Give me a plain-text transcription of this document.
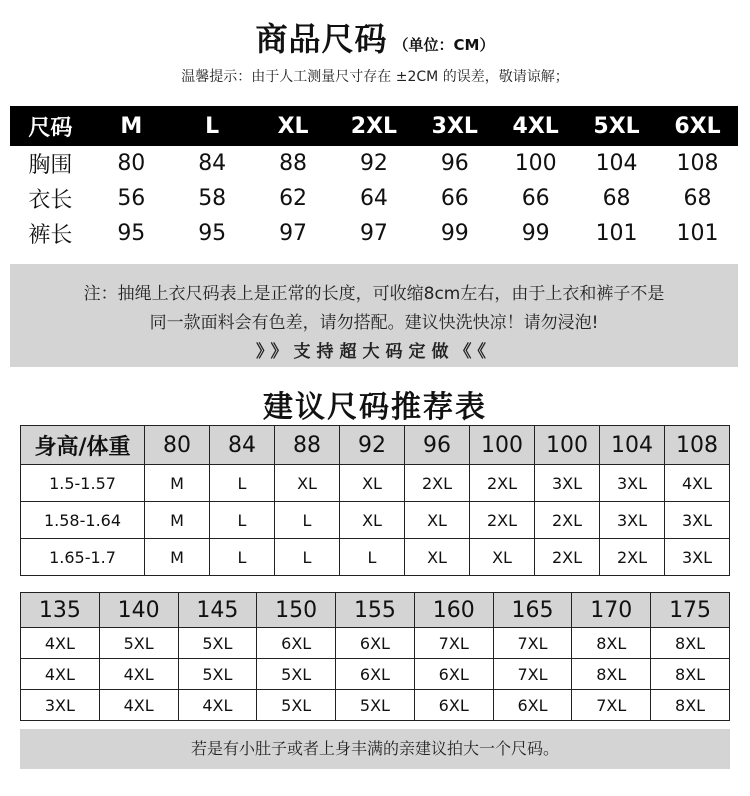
商品尺码 （单位：CM）
温馨提示：由于人工测量尺寸存在 ±2CM 的误差，敬请谅解；
尺码	M	L	XL	2XL	3XL	4XL	5XL	6XL
胸围	80	84	88	92	96	100	104	108
衣长	56	58	62	64	66	66	68	68
裤长	95	95	97	97	99	99	101	101
注：抽绳上衣尺码表上是正常的长度，可收缩8cm左右，由于上衣和裤子不是
同一款面料会有色差，请勿搭配。建议快洗快凉！请勿浸泡!
》》支持超大码定做《《
建议尺码推荐表
身高/体重	80	84	88	92	96	100	100	104	108
1.5-1.57	M	L	XL	XL	2XL	2XL	3XL	3XL	4XL
1.58-1.64	M	L	L	XL	XL	2XL	2XL	3XL	3XL
1.65-1.7	M	L	L	L	XL	XL	2XL	2XL	3XL
135	140	145	150	155	160	165	170	175
4XL	5XL	5XL	6XL	6XL	7XL	7XL	8XL	8XL
4XL	4XL	5XL	5XL	6XL	6XL	7XL	8XL	8XL
3XL	4XL	4XL	5XL	5XL	6XL	6XL	7XL	8XL
若是有小肚子或者上身丰满的亲建议拍大一个尺码。
